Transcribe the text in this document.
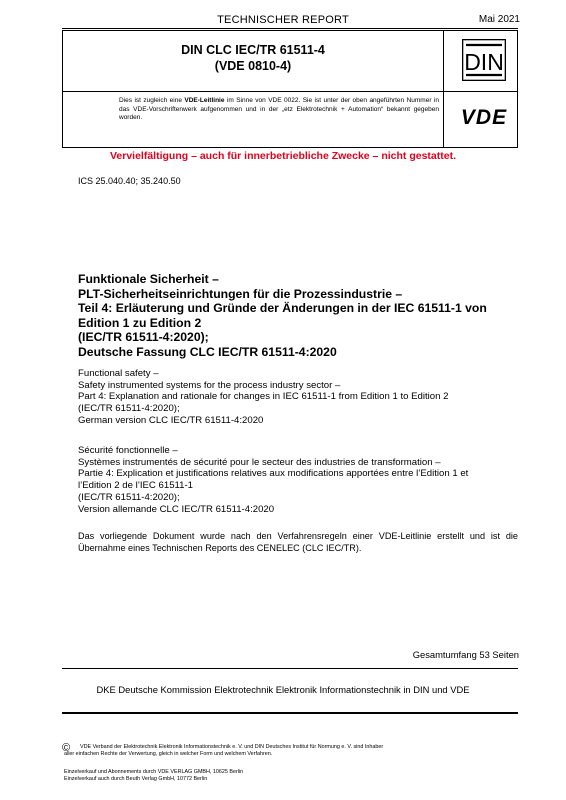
TECHNISCHER REPORT	Mai 2021
DIN CLC IEC/TR 61511-4
(VDE 0810-4)
Dies ist zugleich eine VDE-Leitlinie im Sinne von VDE 0022. Sie ist unter der oben angeführten Nummer in das VDE-Vorschriftenwerk aufgenommen und in der „etz Elektrotechnik + Automation“ bekannt gegeben worden.
DIN
VDE
Vervielfältigung – auch für innerbetriebliche Zwecke – nicht gestattet.
ICS 25.040.40; 35.240.50
Funktionale Sicherheit –
PLT-Sicherheitseinrichtungen für die Prozessindustrie –
Teil 4: Erläuterung und Gründe der Änderungen in der IEC 61511-1 von
Edition 1 zu Edition 2
(IEC/TR 61511-4:2020);
Deutsche Fassung CLC IEC/TR 61511-4:2020
Functional safety –
Safety instrumented systems for the process industry sector –
Part 4: Explanation and rationale for changes in IEC 61511-1 from Edition 1 to Edition 2
(IEC/TR 61511-4:2020);
German version CLC IEC/TR 61511-4:2020
Sécurité fonctionnelle –
Systèmes instrumentés de sécurité pour le secteur des industries de transformation –
Partie 4: Explication et justifications relatives aux modifications apportées entre l’Edition 1 et
l’Edition 2 de l’IEC 61511-1
(IEC/TR 61511-4:2020);
Version allemande CLC IEC/TR 61511-4:2020
Das vorliegende Dokument wurde nach den Verfahrensregeln einer VDE-Leitlinie erstellt und ist die Übernahme eines Technischen Reports des CENELEC (CLC IEC/TR).
Gesamtumfang 53 Seiten
DKE Deutsche Kommission Elektrotechnik Elektronik Informationstechnik in DIN und VDE
© VDE Verband der Elektrotechnik Elektronik Informationstechnik e. V. und DIN Deutsches Institut für Normung e. V. sind Inhaber
aller einfachen Rechte der Verwertung, gleich in welcher Form und welchem Verfahren.
Einzelverkauf und Abonnements durch VDE VERLAG GMBH, 10625 Berlin
Einzelverkauf auch durch Beuth Verlag GmbH, 10772 Berlin
